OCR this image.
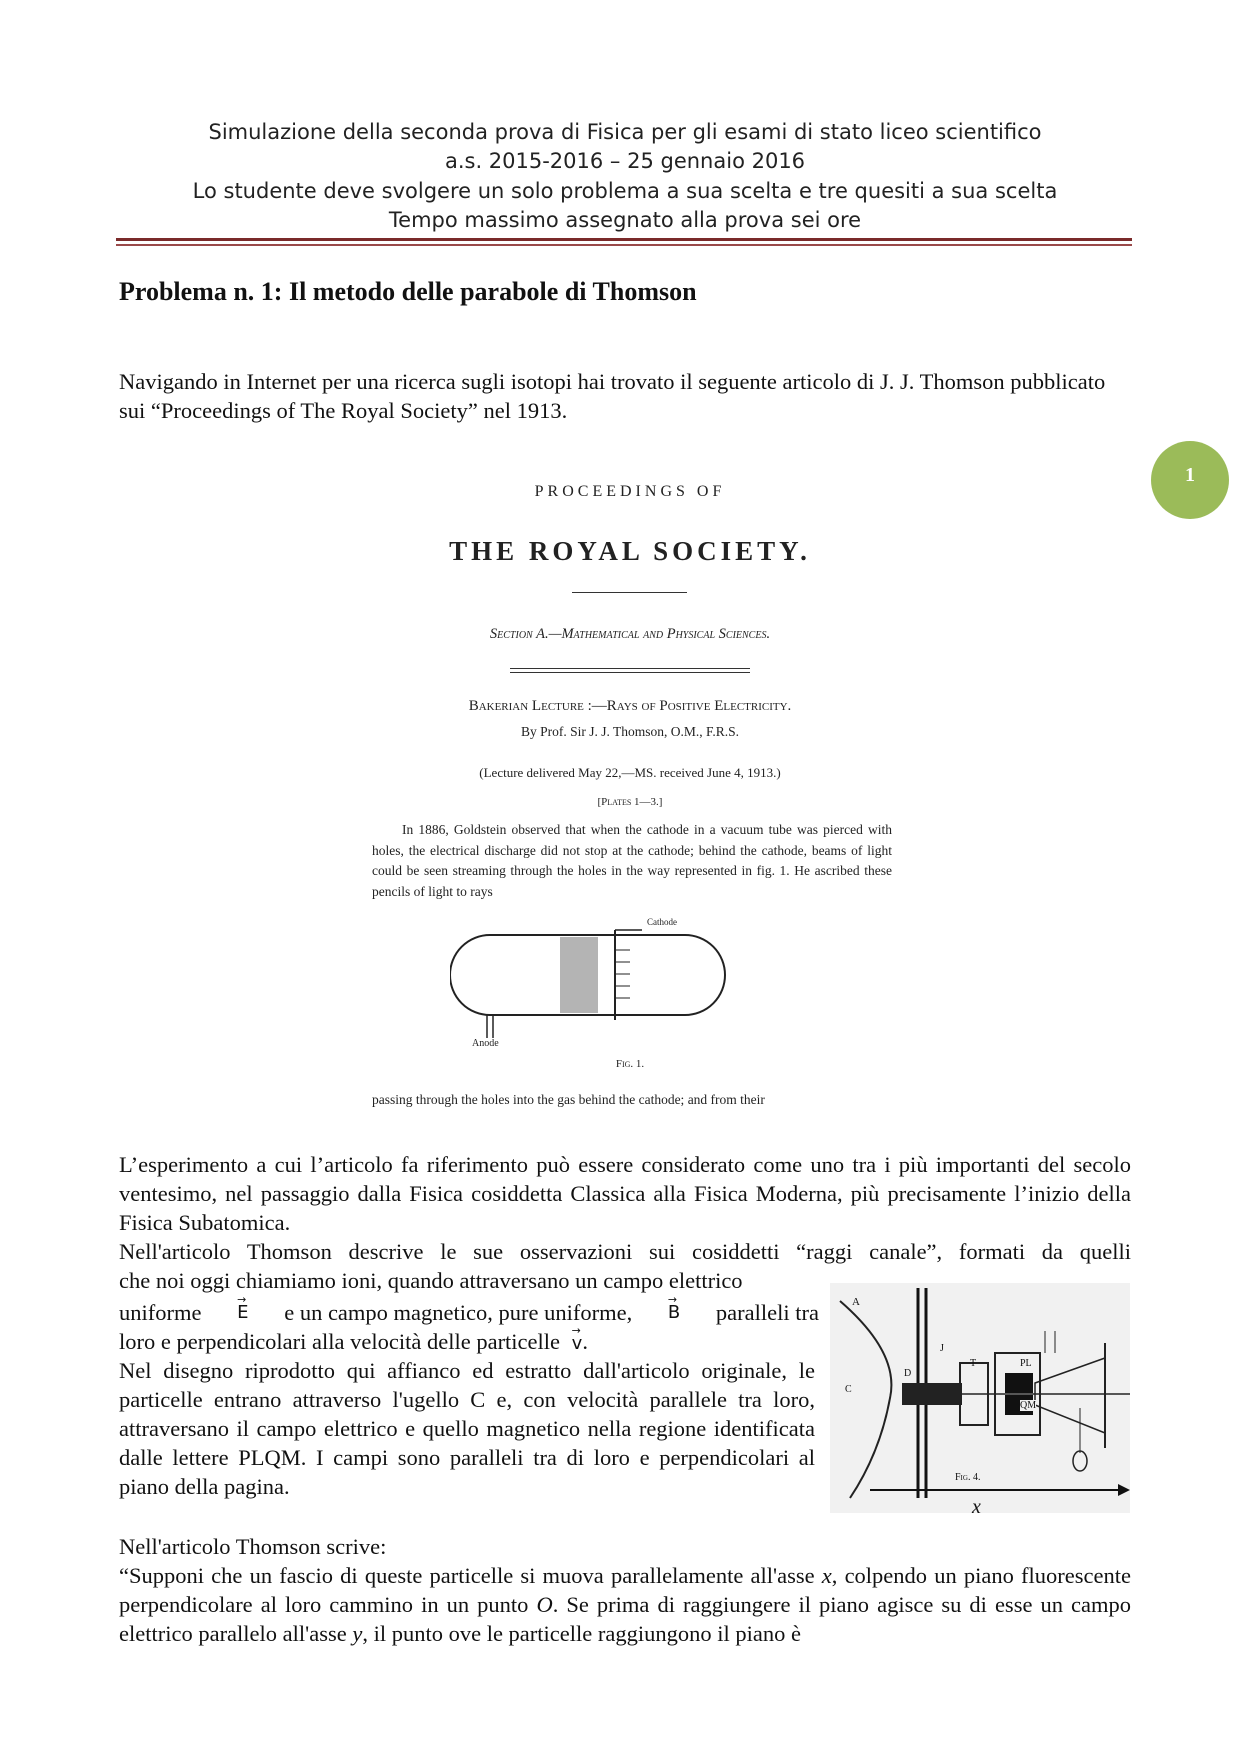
Simulazione della seconda prova di Fisica per gli esami di stato liceo scientifico
a.s. 2015-2016 – 25 gennaio 2016
Lo studente deve svolgere un solo problema a sua scelta e tre quesiti a sua scelta
Tempo massimo assegnato alla prova sei ore
1
Problema n. 1: Il metodo delle parabole di Thomson
Navigando in Internet per una ricerca sugli isotopi hai trovato il seguente articolo di J. J. Thomson pubblicato sui “Proceedings of The Royal Society” nel 1913.
PROCEEDINGS OF
THE ROYAL SOCIETY.
Section A.—Mathematical and Physical Sciences.
Bakerian Lecture :—Rays of Positive Electricity.
By Prof. Sir J. J. Thomson, O.M., F.R.S.
(Lecture delivered May 22,—MS. received June 4, 1913.)
[Plates 1—3.]
In 1886, Goldstein observed that when the cathode in a vacuum tube was pierced with holes, the electrical discharge did not stop at the cathode; behind the cathode, beams of light could be seen streaming through the holes in the way represented in fig. 1. He ascribed these pencils of light to rays
Cathode
Anode
Fig. 1.
passing through the holes into the gas behind the cathode; and from their
L’esperimento a cui l’articolo fa riferimento può essere considerato come uno tra i più importanti del secolo ventesimo, nel passaggio dalla Fisica cosiddetta Classica alla Fisica Moderna, più precisamente l’inizio della Fisica Subatomica.
Nell'articolo Thomson descrive le sue osservazioni sui cosiddetti “raggi canale”, formati da quelli
che noi oggi chiamiamo ioni, quando attraversano un campo elettrico
uniforme → E e un campo magnetico, pure uniforme, → B paralleli tra
loro e perpendicolari alla velocità delle particelle → v.
Nel disegno riprodotto qui affianco ed estratto dall'articolo originale, le particelle entrano attraverso l'ugello C e, con velocità parallele tra loro, attraversano il campo elettrico e quello magnetico nella regione identificata dalle lettere PLQM. I campi sono paralleli tra di loro e perpendicolari al piano della pagina.
A
C
D
J
T	PL
QM
Fig. 4.
x
Nell'articolo Thomson scrive:
“Supponi che un fascio di queste particelle si muova parallelamente all'asse x, colpendo un piano fluorescente perpendicolare al loro cammino in un punto O. Se prima di raggiungere il piano agisce su di esse un campo elettrico parallelo all'asse y, il punto ove le particelle raggiungono il piano è
